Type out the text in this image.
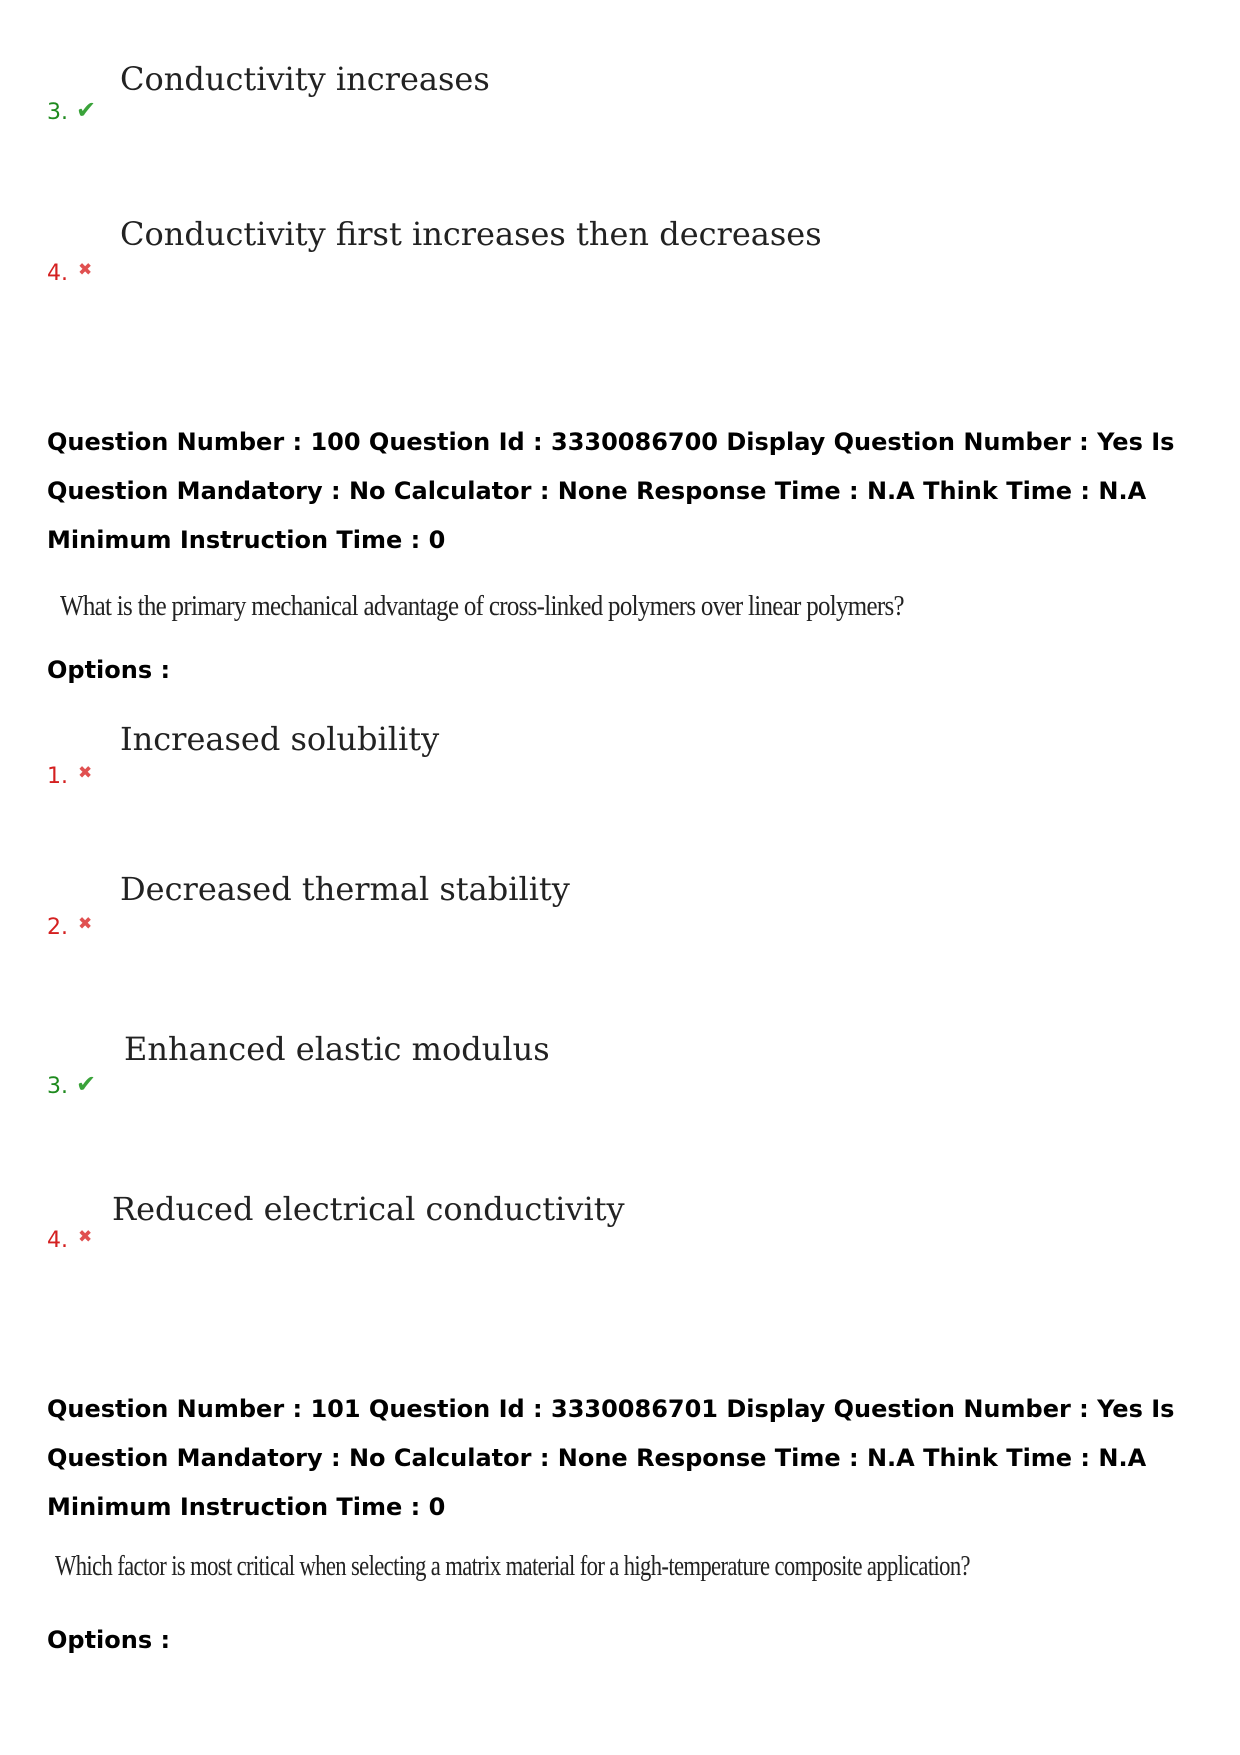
Conductivity increases
3. ✔
Conductivity first increases then decreases
4. ✖
Question Number : 100 Question Id : 3330086700 Display Question Number : Yes Is Question Mandatory : No Calculator : None Response Time : N.A Think Time : N.A Minimum Instruction Time : 0
What is the primary mechanical advantage of cross-linked polymers over linear polymers?
Options :
Increased solubility
1. ✖
Decreased thermal stability
2. ✖
Enhanced elastic modulus
3. ✔
Reduced electrical conductivity
4. ✖
Question Number : 101 Question Id : 3330086701 Display Question Number : Yes Is Question Mandatory : No Calculator : None Response Time : N.A Think Time : N.A Minimum Instruction Time : 0
Which factor is most critical when selecting a matrix material for a high-temperature composite application?
Options :
